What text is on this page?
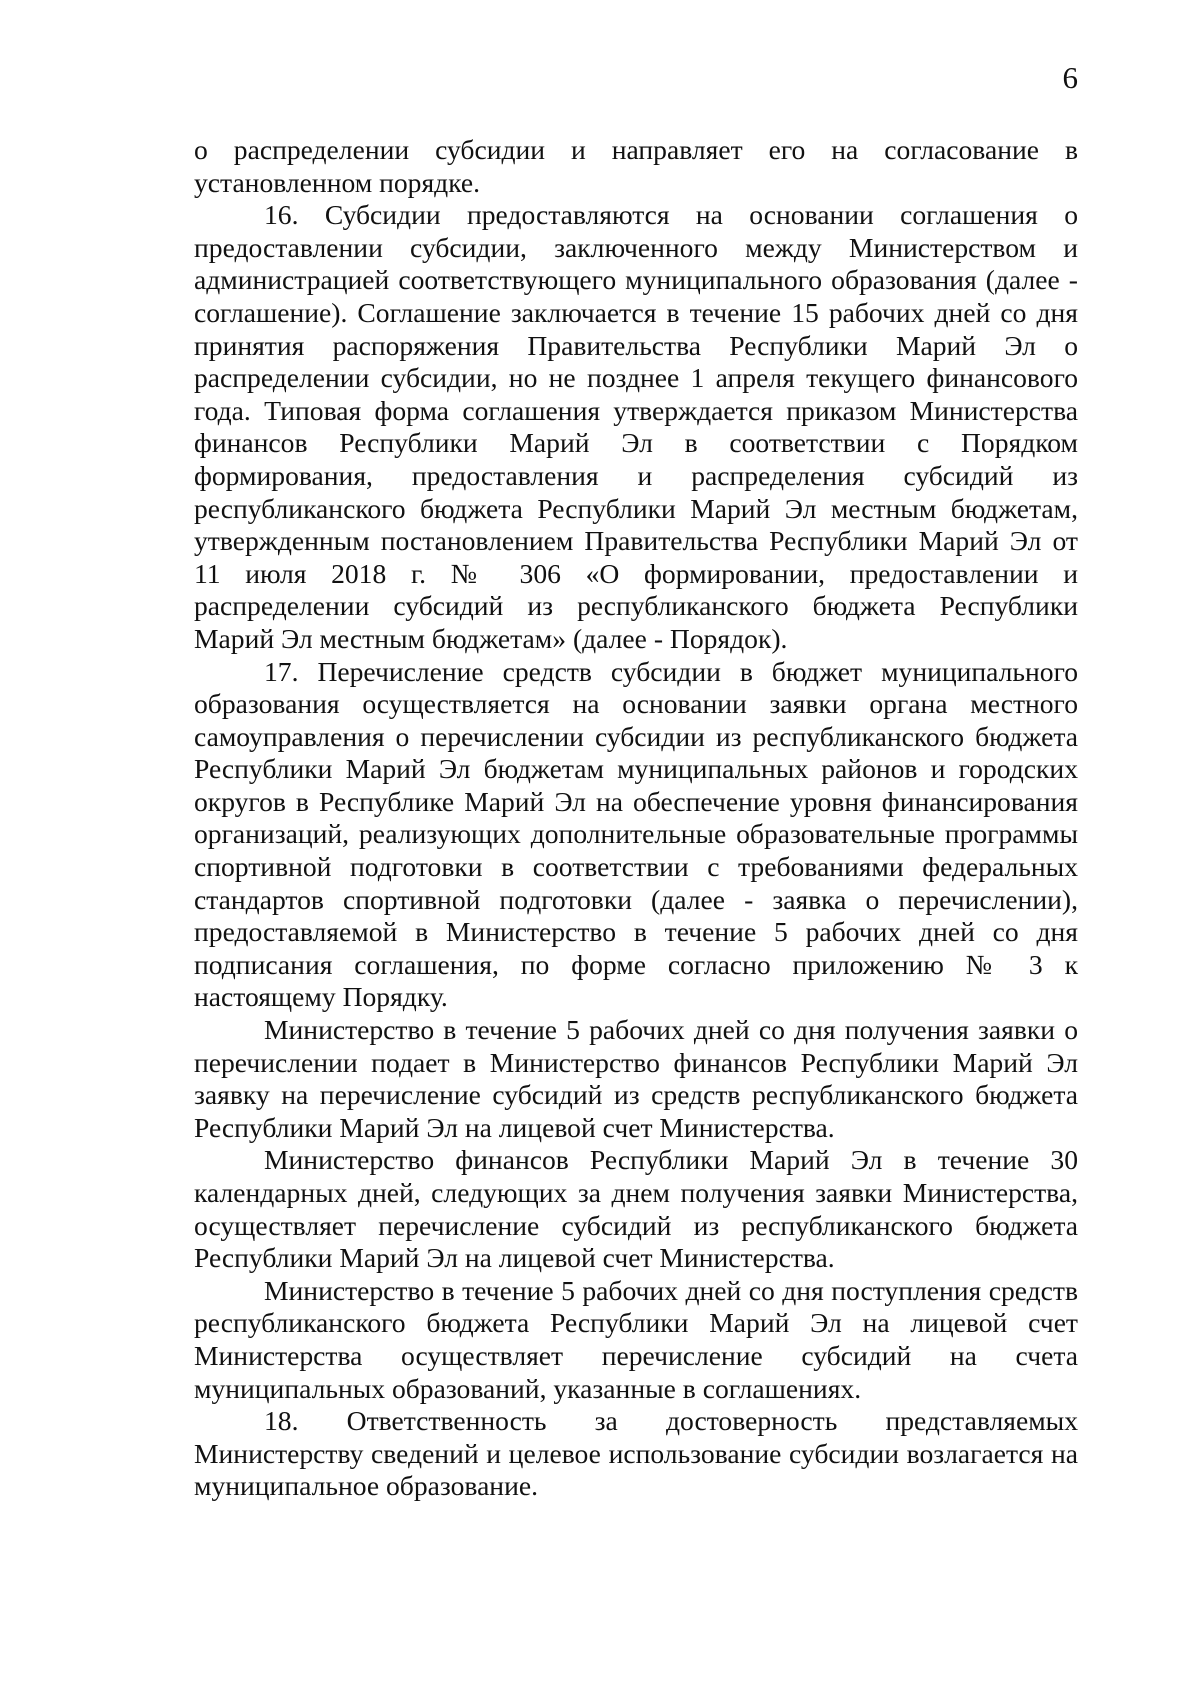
6

о распределении субсидии и направляет его на согласование в установленном порядке.

16. Субсидии предоставляются на основании соглашения о предоставлении субсидии, заключенного между Министерством и администрацией соответствующего муниципального образования (далее - соглашение). Соглашение заключается в течение 15 рабочих дней со дня принятия распоряжения Правительства Республики Марий Эл о распределении субсидии, но не позднее 1 апреля текущего финансового года. Типовая форма соглашения утверждается приказом Министерства финансов Республики Марий Эл в соответствии с Порядком формирования, предоставления и распределения субсидий из республиканского бюджета Республики Марий Эл местным бюджетам, утвержденным постановлением Правительства Республики Марий Эл от 11 июля 2018 г. № 306 «О формировании, предоставлении и распределении субсидий из республиканского бюджета Республики Марий Эл местным бюджетам» (далее - Порядок).

17. Перечисление средств субсидии в бюджет муниципального образования осуществляется на основании заявки органа местного самоуправления о перечислении субсидии из республиканского бюджета Республики Марий Эл бюджетам муниципальных районов и городских округов в Республике Марий Эл на обеспечение уровня финансирования организаций, реализующих дополнительные образовательные программы спортивной подготовки в соответствии с требованиями федеральных стандартов спортивной подготовки (далее - заявка о перечислении), предоставляемой в Министерство в течение 5 рабочих дней со дня подписания соглашения, по форме согласно приложению № 3 к настоящему Порядку.

Министерство в течение 5 рабочих дней со дня получения заявки о перечислении подает в Министерство финансов Республики Марий Эл заявку на перечисление субсидий из средств республиканского бюджета Республики Марий Эл на лицевой счет Министерства.

Министерство финансов Республики Марий Эл в течение 30 календарных дней, следующих за днем получения заявки Министерства, осуществляет перечисление субсидий из республиканского бюджета Республики Марий Эл на лицевой счет Министерства.

Министерство в течение 5 рабочих дней со дня поступления средств республиканского бюджета Республики Марий Эл на лицевой счет Министерства осуществляет перечисление субсидий на счета муниципальных образований, указанные в соглашениях.

18. Ответственность за достоверность представляемых Министерству сведений и целевое использование субсидии возлагается на муниципальное образование.
